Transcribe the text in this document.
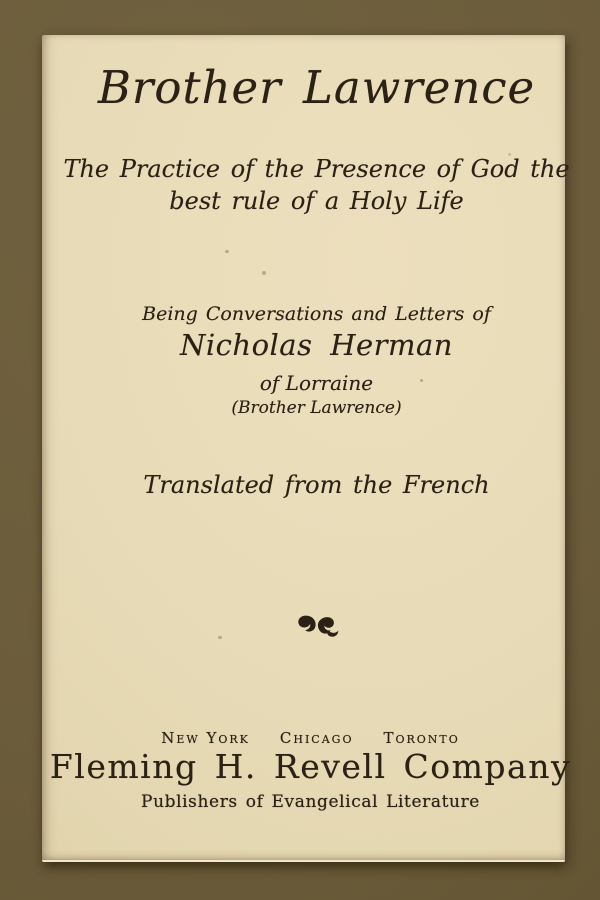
Brother Lawrence
The Practice of the Presence of God the
best rule of a Holy Life
Being Conversations and Letters of
Nicholas Herman
of Lorraine
(Brother Lawrence)
Translated from the French
New York Chicago Toronto
Fleming H. Revell Company
Publishers of Evangelical Literature
